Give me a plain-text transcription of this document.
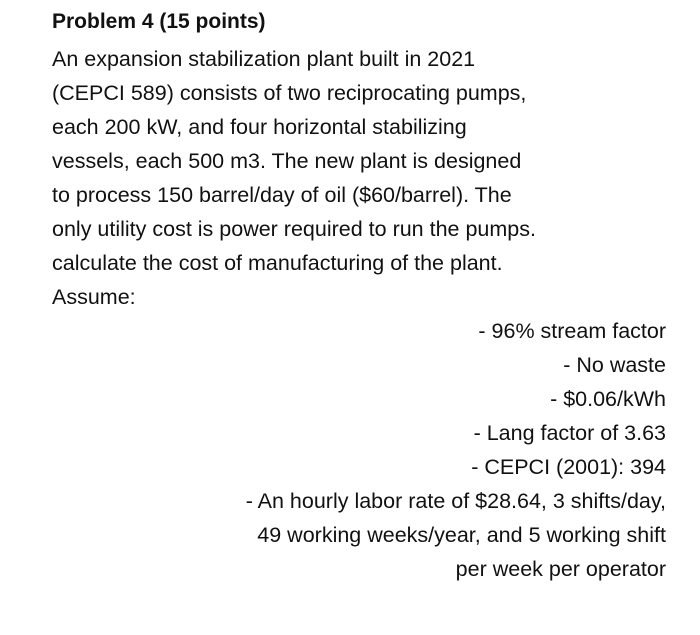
Problem 4 (15 points)

An expansion stabilization plant built in 2021
(CEPCI 589) consists of two reciprocating pumps,
each 200 kW, and four horizontal stabilizing
vessels, each 500 m3. The new plant is designed
to process 150 barrel/day of oil ($60/barrel). The
only utility cost is power required to run the pumps.
calculate the cost of manufacturing of the plant.
Assume:

- 96% stream factor
- No waste
- $0.06/kWh
- Lang factor of 3.63
- CEPCI (2001): 394
- An hourly labor rate of $28.64, 3 shifts/day,
49 working weeks/year, and 5 working shift
per week per operator
